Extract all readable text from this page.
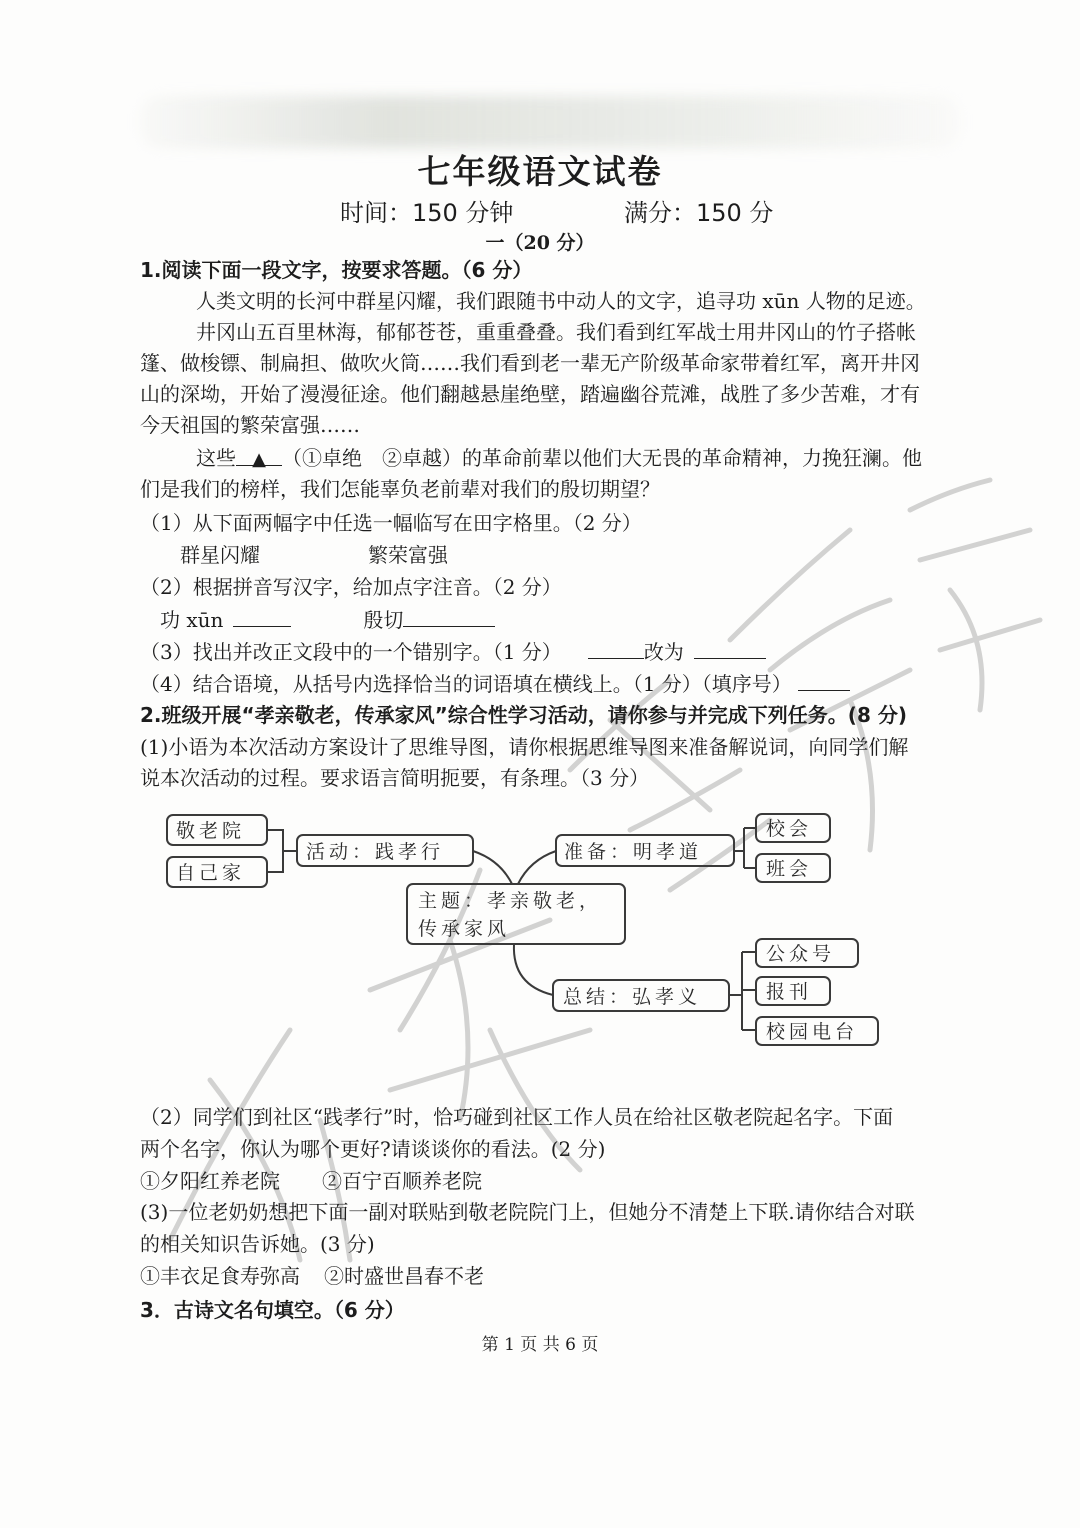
七年级语文试卷
时间：150 分钟	满分：150 分
一（20 分）
1.阅读下面一段文字，按要求答题。（6 分）
人类文明的长河中群星闪耀，我们跟随书中动人的文字，追寻功 xūn 人物的足迹。
井冈山五百里林海，郁郁苍苍，重重叠叠。我们看到红军战士用井冈山的竹子搭帐
篷、做梭镖、制扁担、做吹火筒……我们看到老一辈无产阶级革命家带着红军，离开井冈
山的深坳，开始了漫漫征途。他们翻越悬崖绝壁，踏遍幽谷荒滩，战胜了多少苦难，才有
今天祖国的繁荣富强……
这些 ▲ （①卓绝　②卓越）的革命前辈以他们大无畏的革命精神，力挽狂澜。他
们是我们的榜样，我们怎能辜负老前辈对我们的殷切期望？
（1）从下面两幅字中任选一幅临写在田字格里。（2 分）
群星闪耀	繁荣富强
（2）根据拼音写汉字，给加点字注音。（2 分）
功 xūn	殷切
（3）找出并改正文段中的一个错别字。（1 分）	改为
（4）结合语境，从括号内选择恰当的词语填在横线上。（1 分）（填序号）
2.班级开展“孝亲敬老，传承家风”综合性学习活动，请你参与并完成下列任务。(8 分)
(1)小语为本次活动方案设计了思维导图，请你根据思维导图来准备解说词，向同学们解
说本次活动的过程。要求语言简明扼要，有条理。（3 分）
敬老院
自己家
活动：践孝行	准备：明孝道
校会
班会
主题：孝亲敬老，
传承家风
总结：弘孝义
公众号
报刊
校园电台
（2）同学们到社区“践孝行”时，恰巧碰到社区工作人员在给社区敬老院起名字。下面
两个名字，你认为哪个更好?请谈谈你的看法。(2 分)
①夕阳红养老院 ②百宁百顺养老院
(3)一位老奶奶想把下面一副对联贴到敬老院院门上，但她分不清楚上下联.请你结合对联
的相关知识告诉她。(3 分)
①丰衣足食寿弥高 ②时盛世昌春不老
3．古诗文名句填空。（6 分）
第 1 页 共 6 页
